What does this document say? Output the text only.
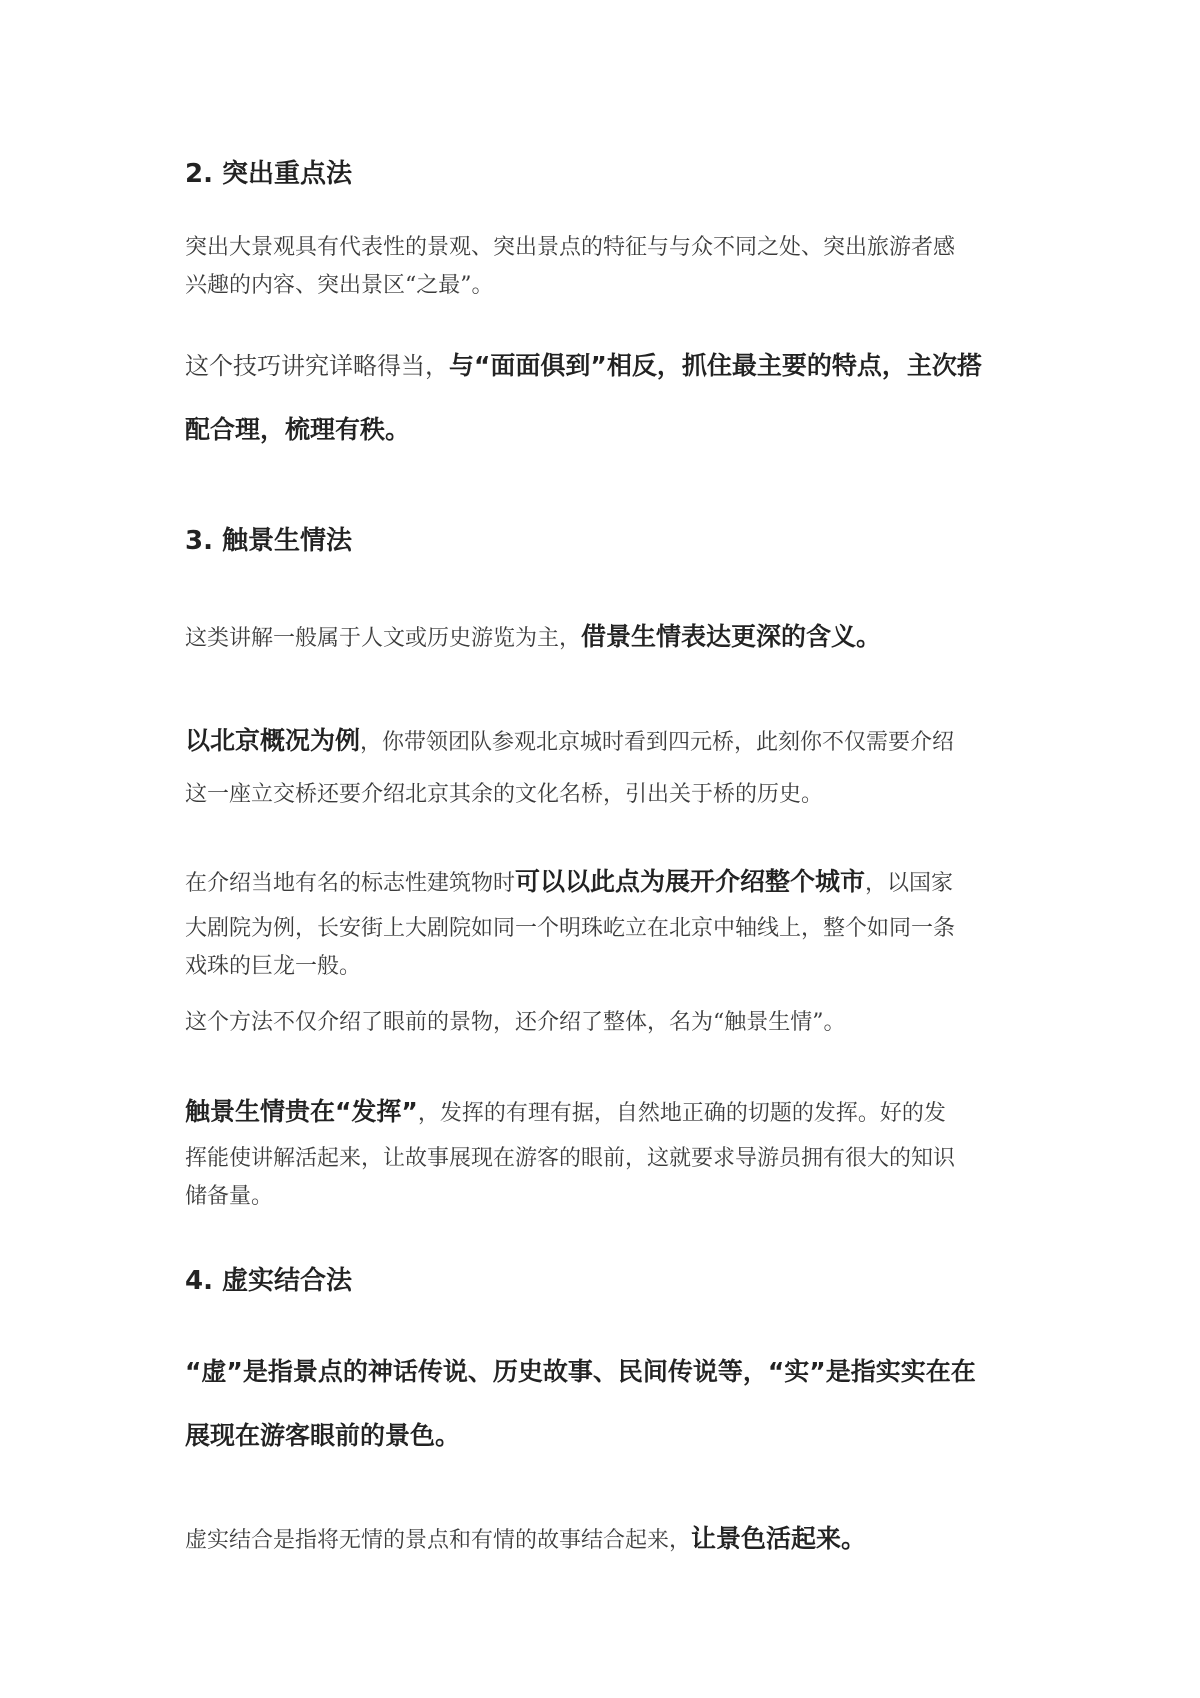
2. 突出重点法
突出大景观具有代表性的景观、突出景点的特征与与众不同之处、突出旅游者感
兴趣的内容、突出景区“之最”。
这个技巧讲究详略得当，与“面面俱到”相反，抓住最主要的特点，主次搭
配合理，梳理有秩。
3. 触景生情法
这类讲解一般属于人文或历史游览为主，借景生情表达更深的含义。
以北京概况为例，你带领团队参观北京城时看到四元桥，此刻你不仅需要介绍
这一座立交桥还要介绍北京其余的文化名桥，引出关于桥的历史。
在介绍当地有名的标志性建筑物时可以以此点为展开介绍整个城市，以国家
大剧院为例，长安街上大剧院如同一个明珠屹立在北京中轴线上，整个如同一条
戏珠的巨龙一般。
这个方法不仅介绍了眼前的景物，还介绍了整体，名为“触景生情”。
触景生情贵在“发挥”，发挥的有理有据，自然地正确的切题的发挥。好的发
挥能使讲解活起来，让故事展现在游客的眼前，这就要求导游员拥有很大的知识
储备量。
4. 虚实结合法
“虚”是指景点的神话传说、历史故事、民间传说等，“实”是指实实在在
展现在游客眼前的景色。
虚实结合是指将无情的景点和有情的故事结合起来，让景色活起来。
